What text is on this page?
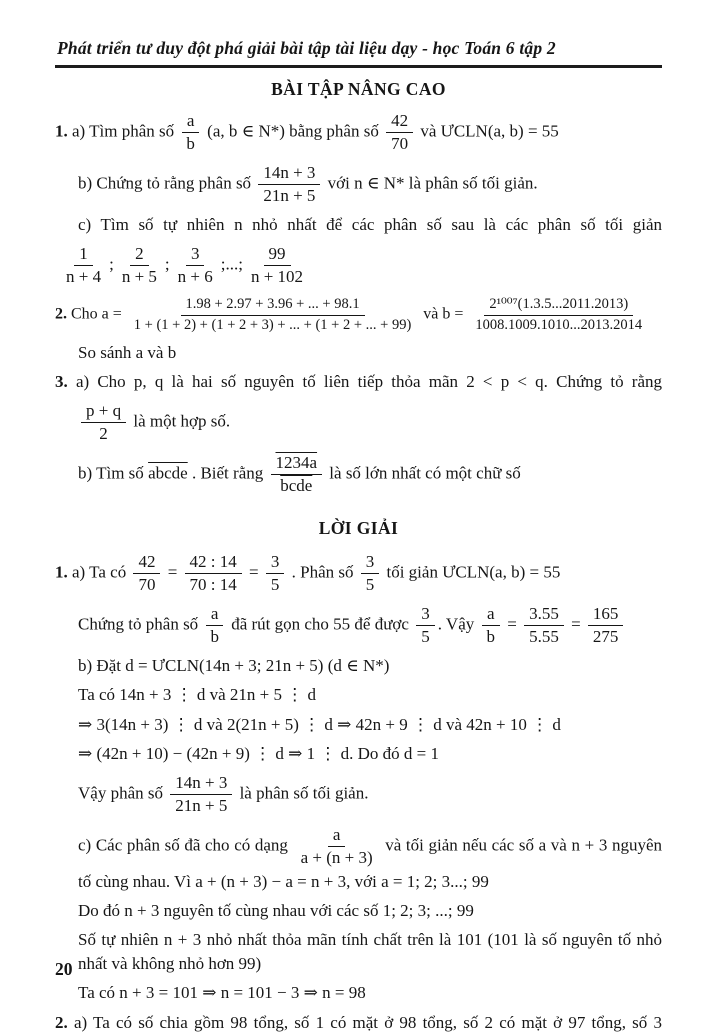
Phát triển tư duy đột phá giải bài tập tài liệu dạy - học Toán 6 tập 2
BÀI TẬP NÂNG CAO
1. a) Tìm phân số $\frac{a}{b} (a$, b ∈ N*) bằng phân số $\frac{42}{70}$ và ƯCLN(a, b) = 55
b) Chứng tỏ rằng phân số $\frac{14n + 3}{21n + 5}$ với n ∈ N* là phân số tối giản.
c) Tìm số tự nhiên n nhỏ nhất để các phân số sau là các phân số tối giản
$\frac{1}{n + 4}$ ; $\frac{2}{n + 5}$ ; $\frac{3}{n + 6}$ ;...; $\frac{99}{n + 102}$
2. Cho $a = \frac{1.98 + 2.97 + 3.96 + ... + 98.1}{1 + (1 + 2) + (1 + 2 + 3) + ... + (1 + 2 + ... + 99)}$ và $b = \frac{\text{2¹⁰⁰⁷(1.3.5...2011.2013)}}{1008.1009.1010...2013.2014}$
So sánh a và b
3. a) Cho p, q là hai số nguyên tố liên tiếp thỏa mãn 2 < p < q. Chứng tỏ rằng
$\frac{p + q}{2}$ là một hợp số.
b) Tìm số abcde . Biết rằng
1234a
bcde
là số lớn nhất có một chữ số
LỜI GIẢI
1. a) Ta có $\frac{42}{70} = \frac{42 : 14}{70 : 14} = \frac{3}{5}$ . Phân số $\frac{3}{5}$ tối giản ƯCLN(a, b) = 55
Chứng tỏ phân số $\frac{a}{b}$ đã rút gọn cho 55 để được $\frac{3}{5}$ . Vậy $\frac{a}{b} = \frac{3.55}{5.55} = \frac{165}{275}$
b) Đặt d = ƯCLN(14n + 3; 21n + 5) (d ∈ N*)
Ta có 14n + 3 ⋮ d và 21n + 5 ⋮ d
⇒ 3(14n + 3) ⋮ d và 2(21n + 5) ⋮ d ⇒ 42n + 9 ⋮ d và 42n + 10 ⋮ d
⇒ (42n + 10) − (42n + 9) ⋮ d ⇒ 1 ⋮ d. Do đó d = 1
Vậy phân số $\frac{14n + 3}{21n + 5}$ là phân số tối giản.
c) Các phân số đã cho có dạng $\frac{a}{a + (n + 3)}$ và tối giản nếu các số a và n + 3 nguyên tố cùng nhau. Vì a + (n + 3) − a = n + 3, với a = 1; 2; 3...; 99
Do đó n + 3 nguyên tố cùng nhau với các số 1; 2; 3; ...; 99
Số tự nhiên n + 3 nhỏ nhất thỏa mãn tính chất trên là 101 (101 là số nguyên tố nhỏ nhất và không nhỏ hơn 99)
Ta có n + 3 = 101 ⇒ n = 101 − 3 ⇒ n = 98
2. a) Ta có số chia gồm 98 tổng, số 1 có mặt ở 98 tổng, số 2 có mặt ở 97 tổng, số 3
20
